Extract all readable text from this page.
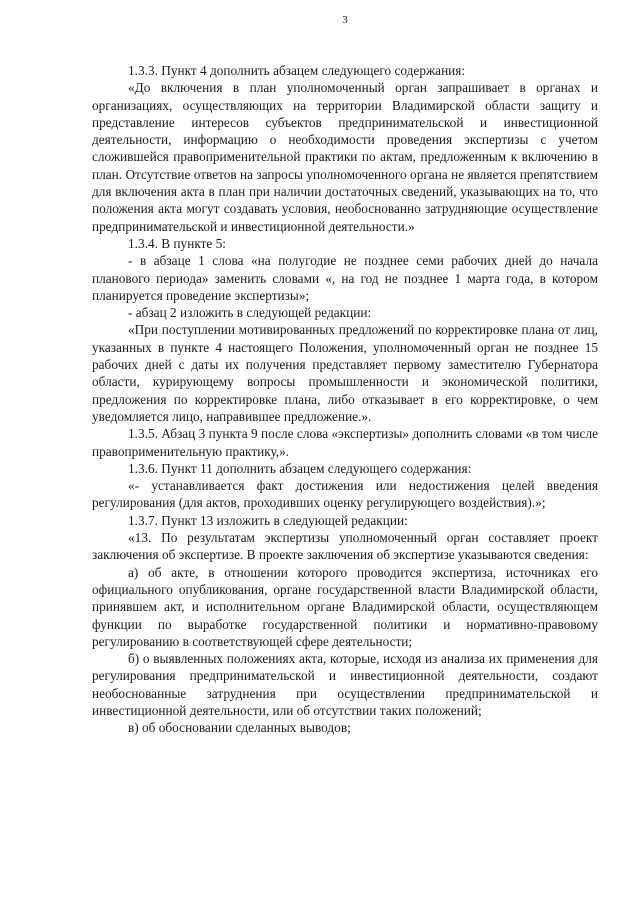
3

1.3.3. Пункт 4 дополнить абзацем следующего содержания:

«До включения в план уполномоченный орган запрашивает в органах и организациях, осуществляющих на территории Владимирской области защиту и представление интересов субъектов предпринимательской и инвестиционной деятельности, информацию о необходимости проведения экспертизы с учетом сложившейся правоприменительной практики по актам, предложенным к включению в план. Отсутствие ответов на запросы уполномоченного органа не является препятствием для включения акта в план при наличии достаточных сведений, указывающих на то, что положения акта могут создавать условия, необоснованно затрудняющие осуществление предпринимательской и инвестиционной деятельности.»

1.3.4. В пункте 5:

- в абзаце 1 слова «на полугодие не позднее семи рабочих дней до начала планового периода» заменить словами «, на год не позднее 1 марта года, в котором планируется проведение экспертизы»;

- абзац 2 изложить в следующей редакции:

«При поступлении мотивированных предложений по корректировке плана от лиц, указанных в пункте 4 настоящего Положения, уполномоченный орган не позднее 15 рабочих дней с даты их получения представляет первому заместителю Губернатора области, курирующему вопросы промышленности и экономической политики, предложения по корректировке плана, либо отказывает в его корректировке, о чем уведомляется лицо, направившее предложение.».

1.3.5. Абзац 3 пункта 9 после слова «экспертизы» дополнить словами «в том числе правоприменительную практику,».

1.3.6. Пункт 11 дополнить абзацем следующего содержания:

«- устанавливается факт достижения или недостижения целей введения регулирования (для актов, проходивших оценку регулирующего воздействия).»;

1.3.7. Пункт 13 изложить в следующей редакции:

«13. По результатам экспертизы уполномоченный орган составляет проект заключения об экспертизе. В проекте заключения об экспертизе указываются сведения:

а) об акте, в отношении которого проводится экспертиза, источниках его официального опубликования, органе государственной власти Владимирской области, принявшем акт, и исполнительном органе Владимирской области, осуществляющем функции по выработке государственной политики и нормативно-правовому регулированию в соответствующей сфере деятельности;

б) о выявленных положениях акта, которые, исходя из анализа их применения для регулирования предпринимательской и инвестиционной деятельности, создают необоснованные затруднения при осуществлении предпринимательской и инвестиционной деятельности, или об отсутствии таких положений;

в) об обосновании сделанных выводов;
